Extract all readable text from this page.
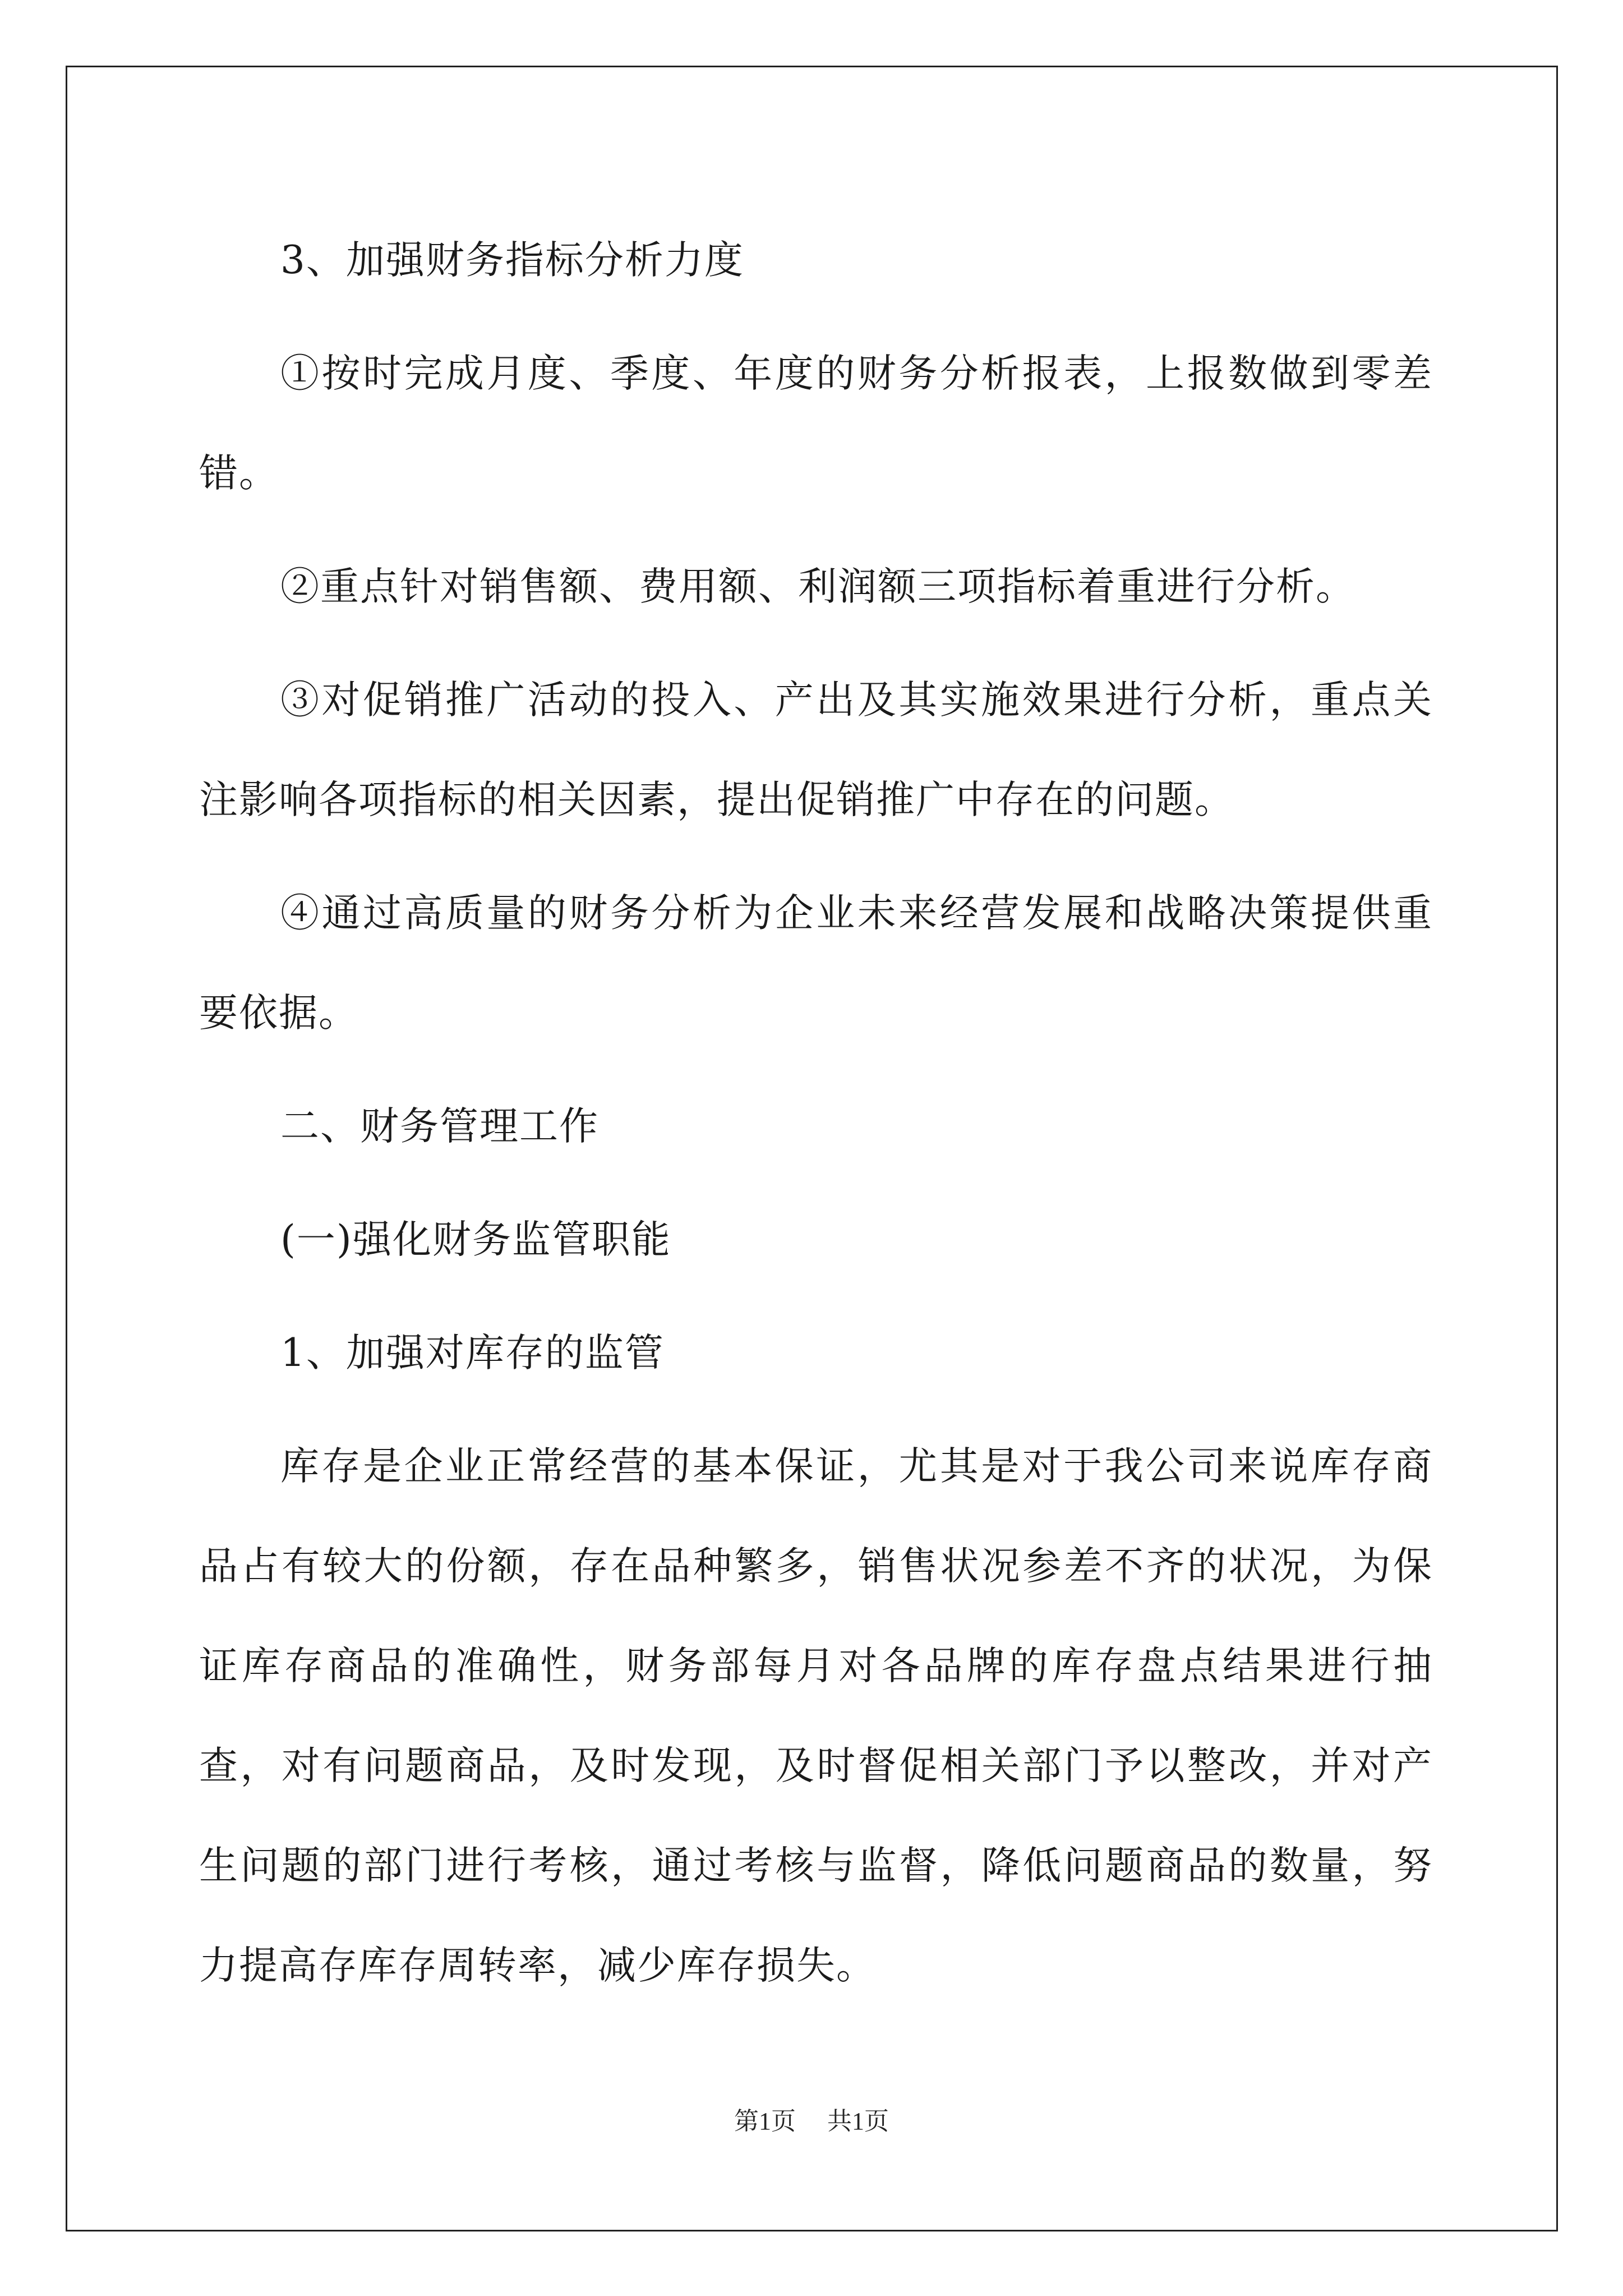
3、加强财务指标分析力度

①按时完成月度、季度、年度的财务分析报表，上报数做到零差错。

②重点针对销售额、费用额、利润额三项指标着重进行分析。

③对促销推广活动的投入、产出及其实施效果进行分析，重点关注影响各项指标的相关因素，提出促销推广中存在的问题。

④通过高质量的财务分析为企业未来经营发展和战略决策提供重要依据。

二、财务管理工作

(一)强化财务监管职能

1、加强对库存的监管

库存是企业正常经营的基本保证，尤其是对于我公司来说库存商品占有较大的份额，存在品种繁多，销售状况参差不齐的状况，为保证库存商品的准确性，财务部每月对各品牌的库存盘点结果进行抽查，对有问题商品，及时发现，及时督促相关部门予以整改，并对产生问题的部门进行考核，通过考核与监督，降低问题商品的数量，努力提高存库存周转率，减少库存损失。

第1页 共1页
